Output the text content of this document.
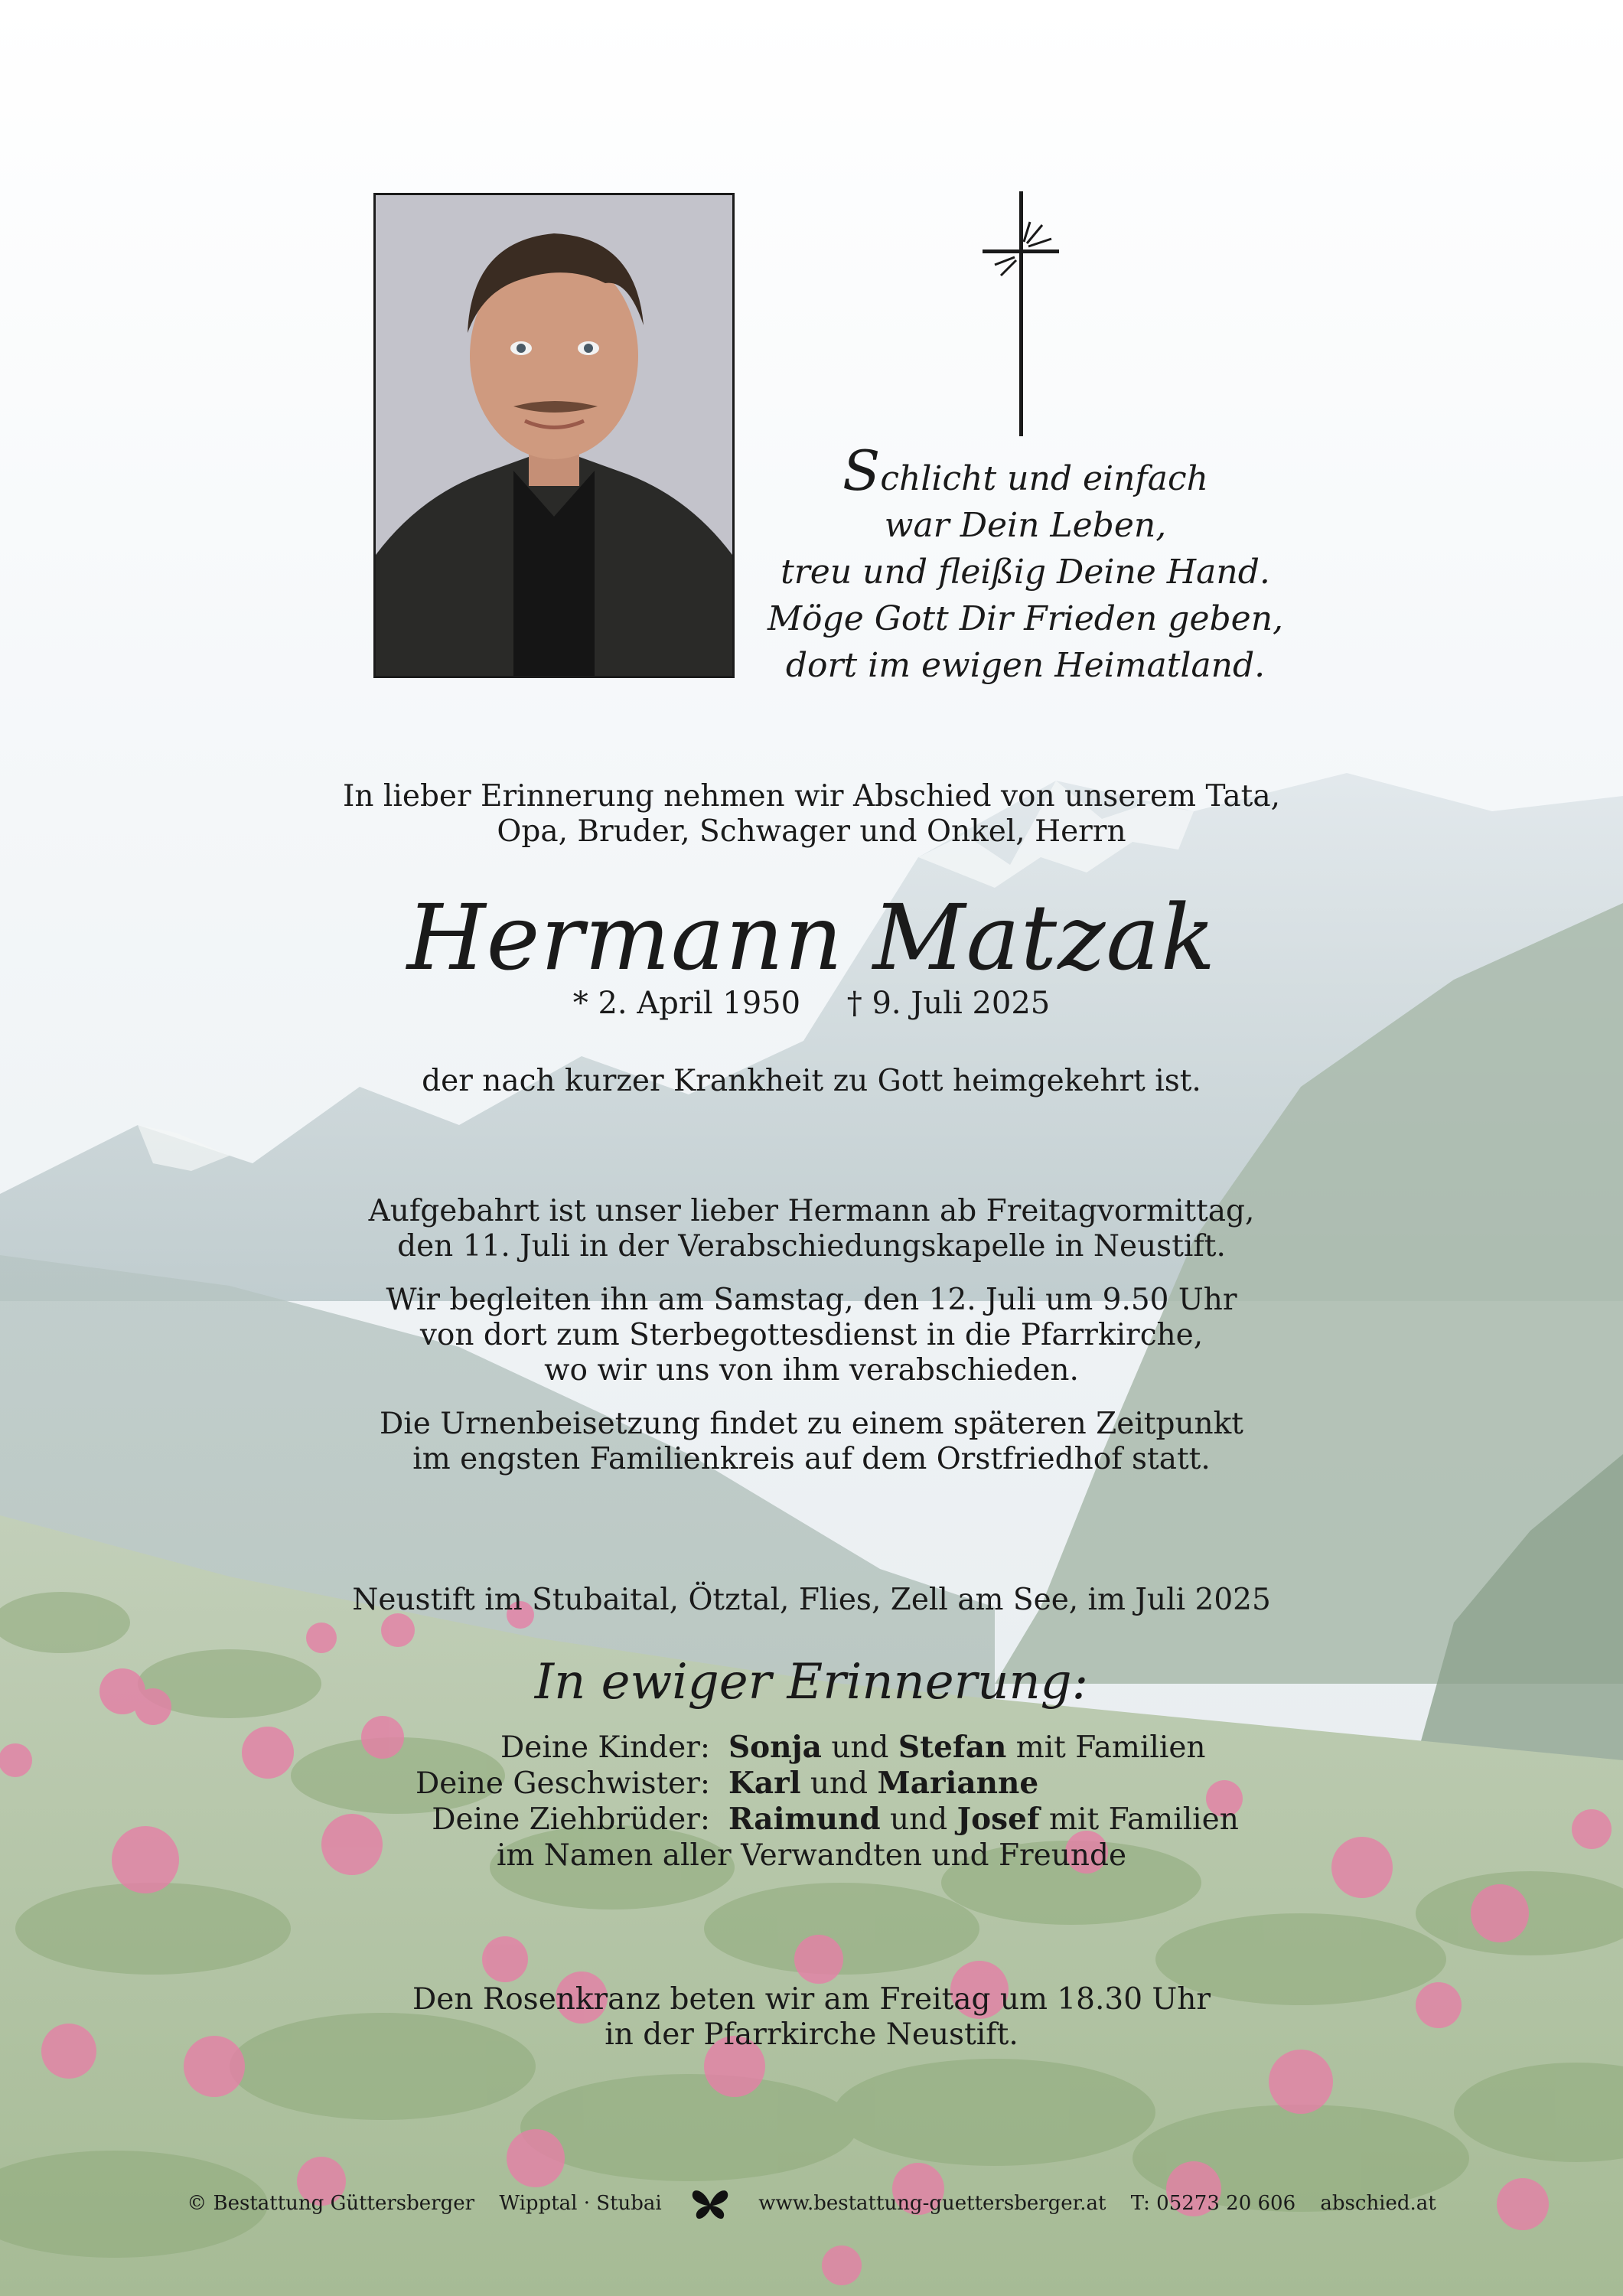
Schlicht und einfach
war Dein Leben,
treu und fleißig Deine Hand.
Möge Gott Dir Frieden geben,
dort im ewigen Heimatland.
In lieber Erinnerung nehmen wir Abschied von unserem Tata,
Opa, Bruder, Schwager und Onkel, Herrn
Hermann Matzak
* 2. April 1950 † 9. Juli 2025
der nach kurzer Krankheit zu Gott heimgekehrt ist.
Aufgebahrt ist unser lieber Hermann ab Freitagvormittag,
den 11. Juli in der Verabschiedungskapelle in Neustift.
Wir begleiten ihn am Samstag, den 12. Juli um 9.50 Uhr
von dort zum Sterbegottesdienst in die Pfarrkirche,
wo wir uns von ihm verabschieden.
Die Urnenbeisetzung findet zu einem späteren Zeitpunkt
im engsten Familienkreis auf dem Orstfriedhof statt.
Neustift im Stubaital, Ötztal, Flies, Zell am See, im Juli 2025
In ewiger Erinnerung:
Deine Kinder: Sonja und Stefan mit Familien
Deine Geschwister: Karl und Marianne
Deine Ziehbrüder: Raimund und Josef mit Familien
im Namen aller Verwandten und Freunde
Den Rosenkranz beten wir am Freitag um 18.30 Uhr
in der Pfarrkirche Neustift.
© Bestattung Güttersberger Wipptal · Stubai	www.bestattung-guettersberger.at T: 05273 20 606 abschied.at
